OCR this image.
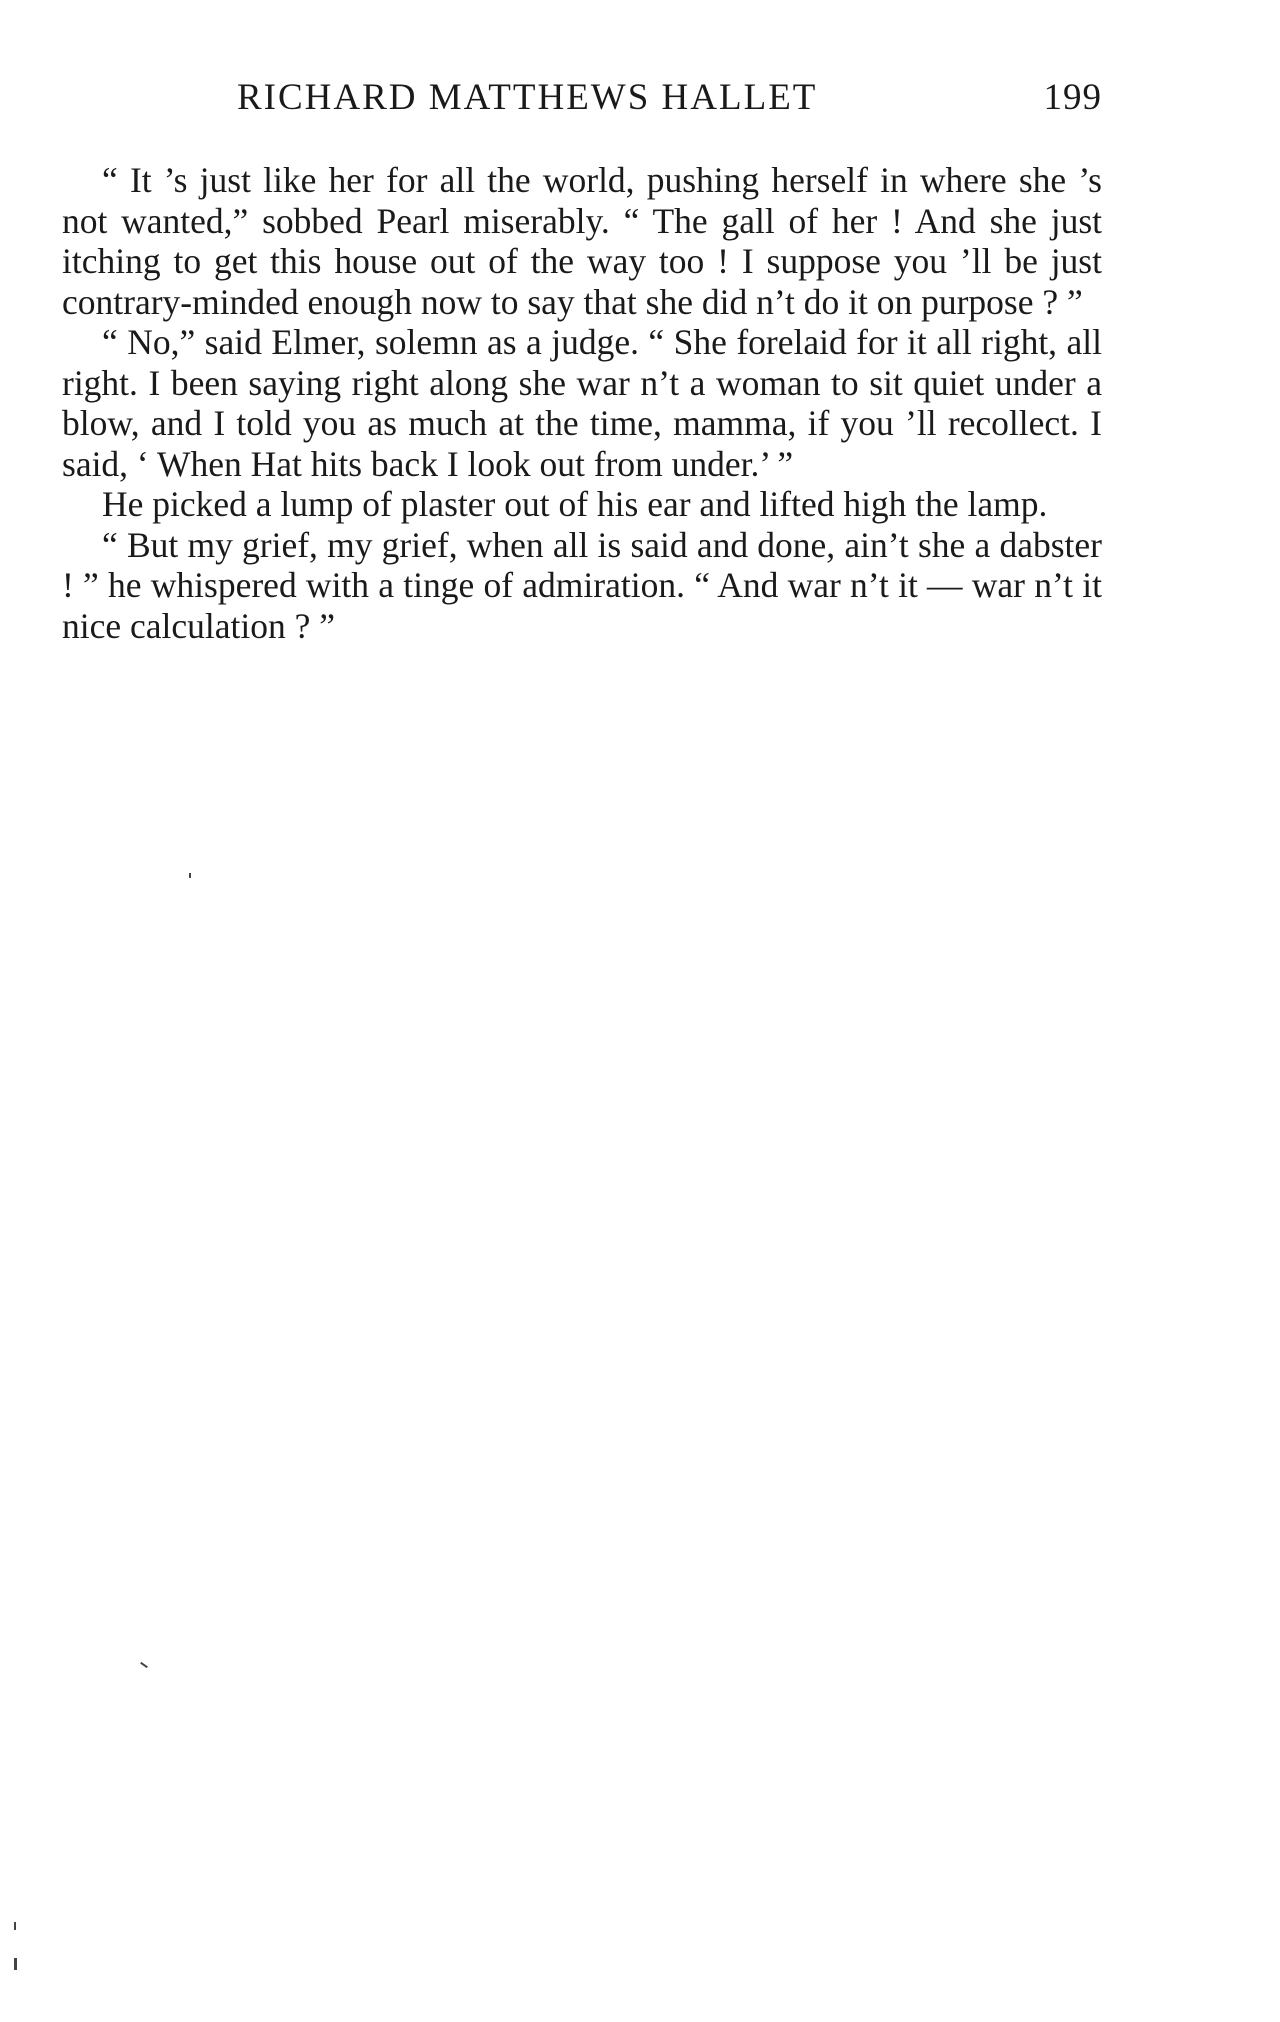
RICHARD MATTHEWS HALLET	199

“ It ’s just like her for all the world, pushing herself in where she ’s not wanted,” sobbed Pearl miserably. “ The gall of her ! And she just itching to get this house out of the way too ! I suppose you ’ll be just contrary-minded enough now to say that she did n’t do it on purpose ? ”

“ No,” said Elmer, solemn as a judge. “ She forelaid for it all right, all right. I been saying right along she war n’t a woman to sit quiet under a blow, and I told you as much at the time, mamma, if you ’ll recollect. I said, ‘ When Hat hits back I look out from under.’ ”

He picked a lump of plaster out of his ear and lifted high the lamp.

“ But my grief, my grief, when all is said and done, ain’t she a dabster ! ” he whispered with a tinge of admiration. “ And war n’t it — war n’t it nice calculation ? ”
